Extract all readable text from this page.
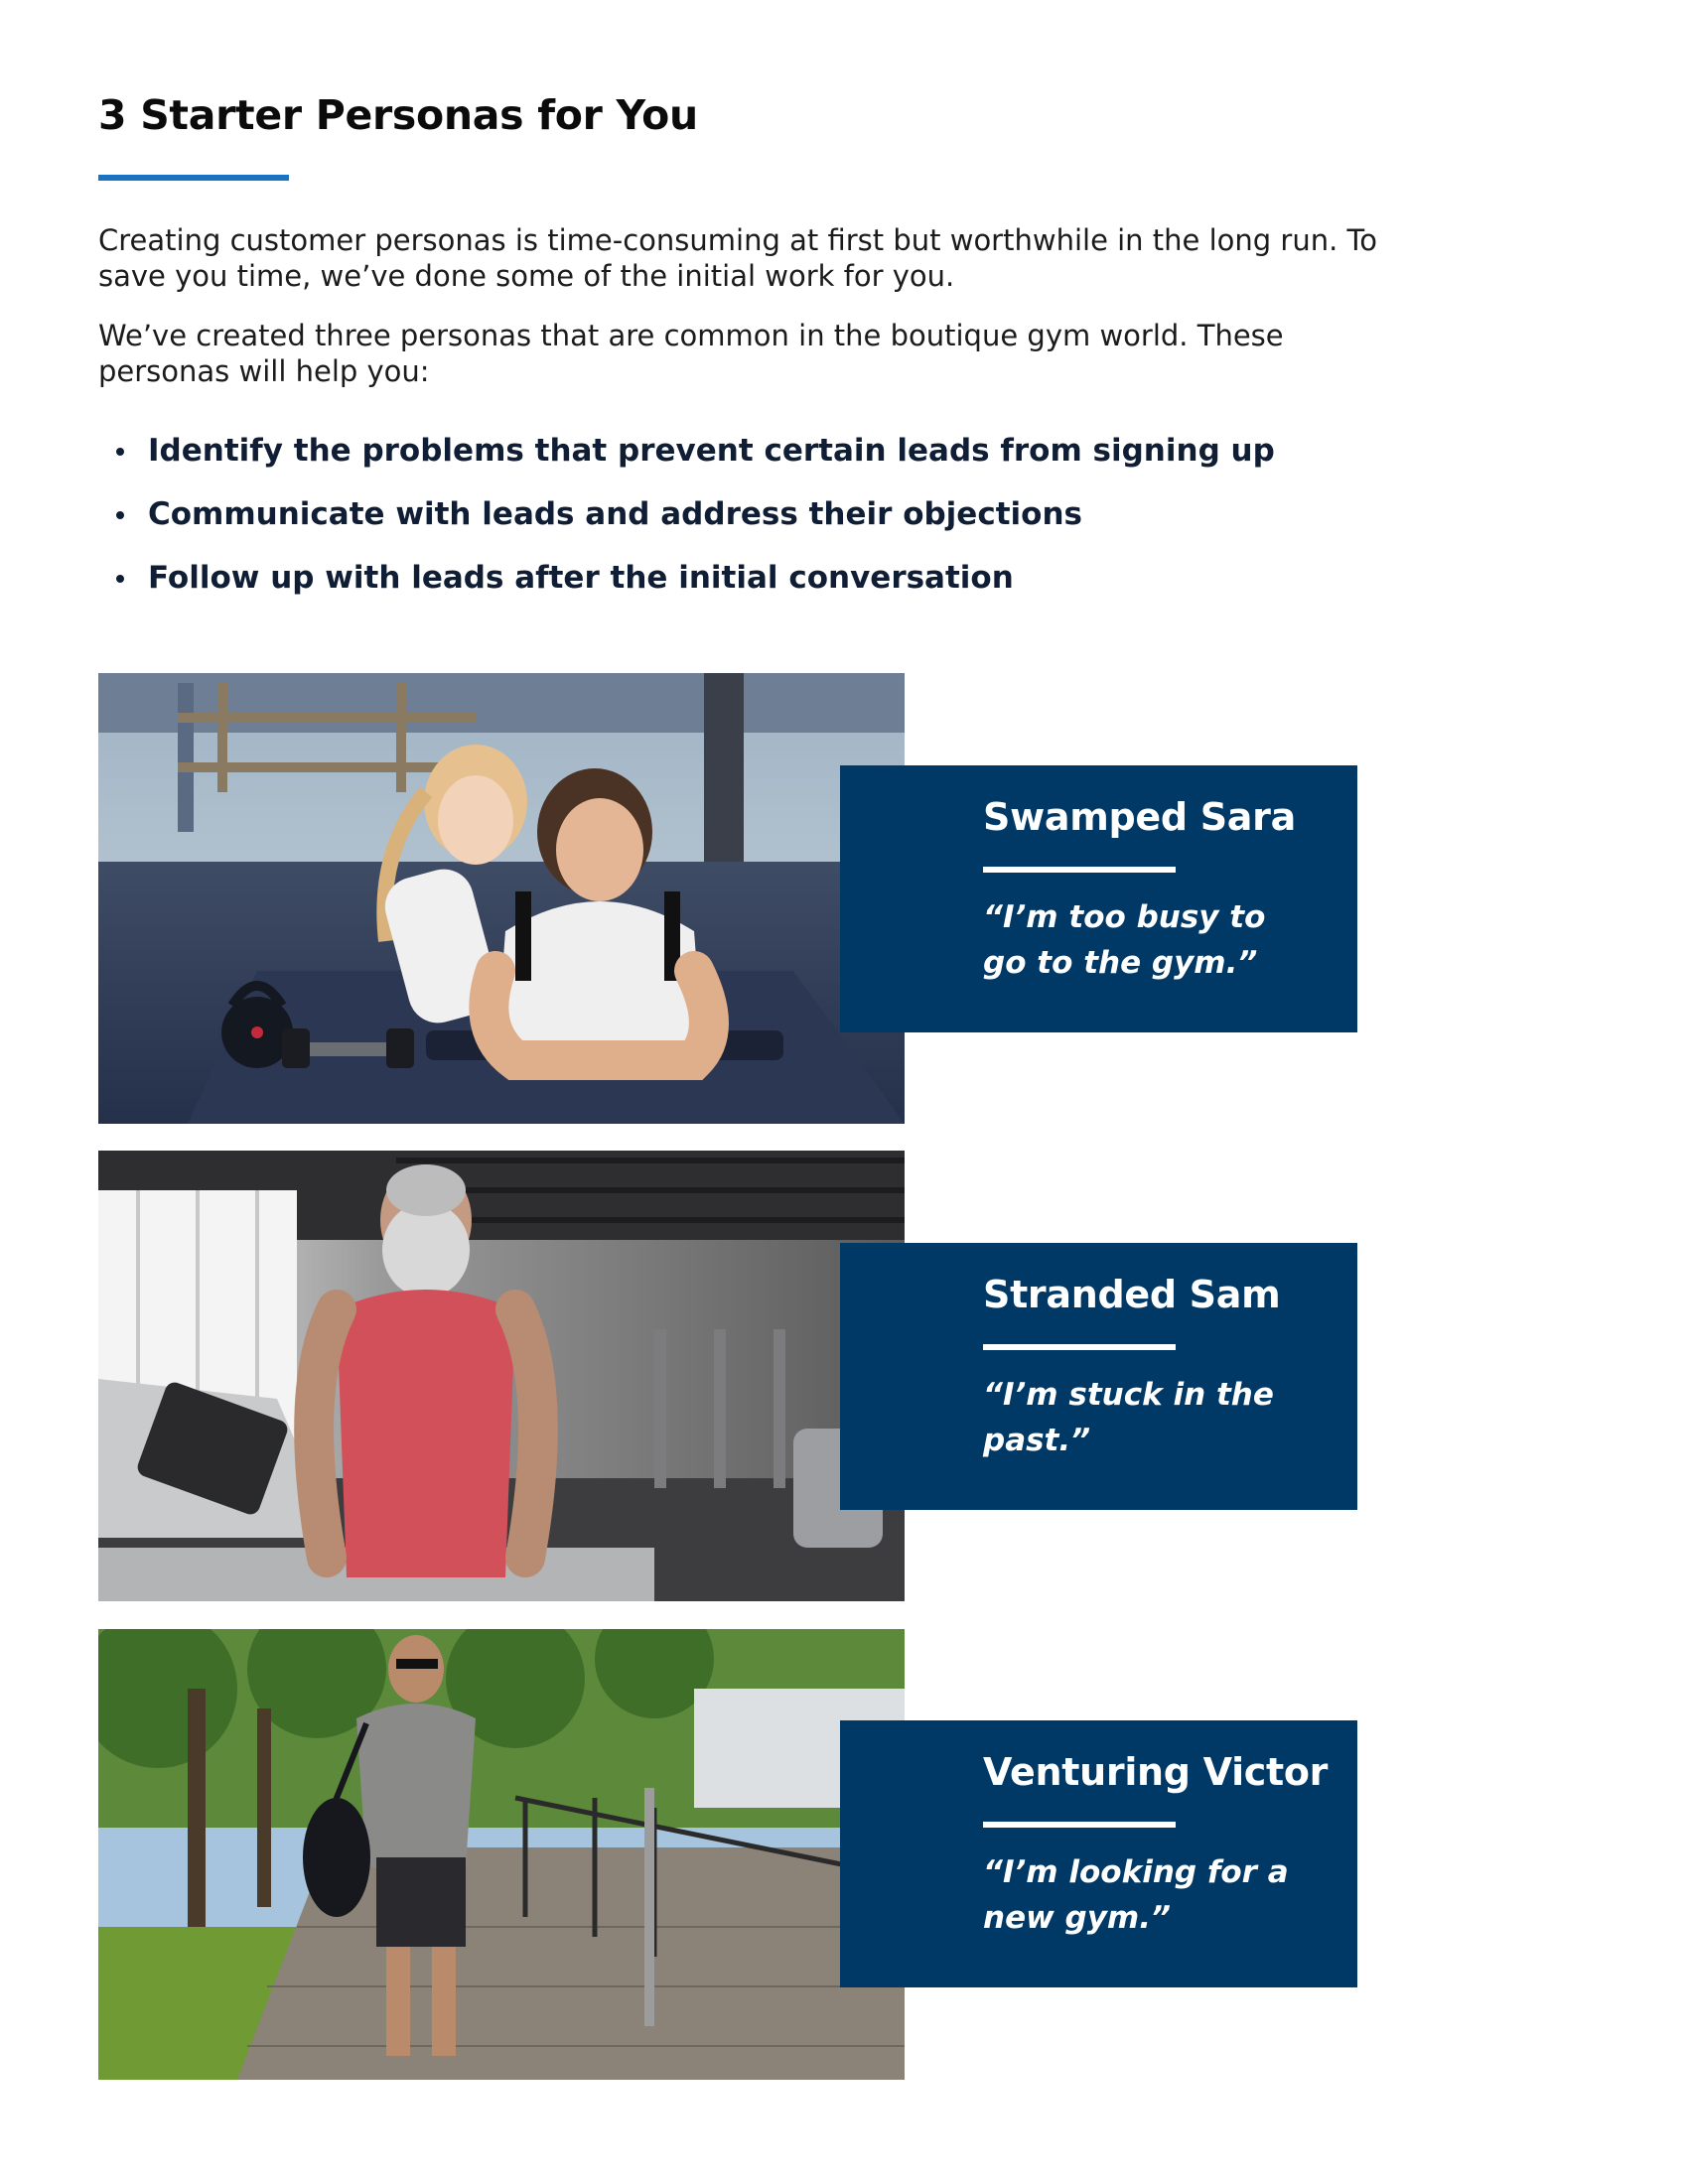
3 Starter Personas for You

Creating customer personas is time-consuming at first but worthwhile in the long run. To save you time, we’ve done some of the initial work for you.

We’ve created three personas that are common in the boutique gym world. These personas will help you:

Identify the problems that prevent certain leads from signing up
Communicate with leads and address their objections
Follow up with leads after the initial conversation
Swamped Sara
“I’m too busy to go to the gym.”
Stranded Sam
“I’m stuck in the past.”
Venturing Victor
“I’m looking for a new gym.”
